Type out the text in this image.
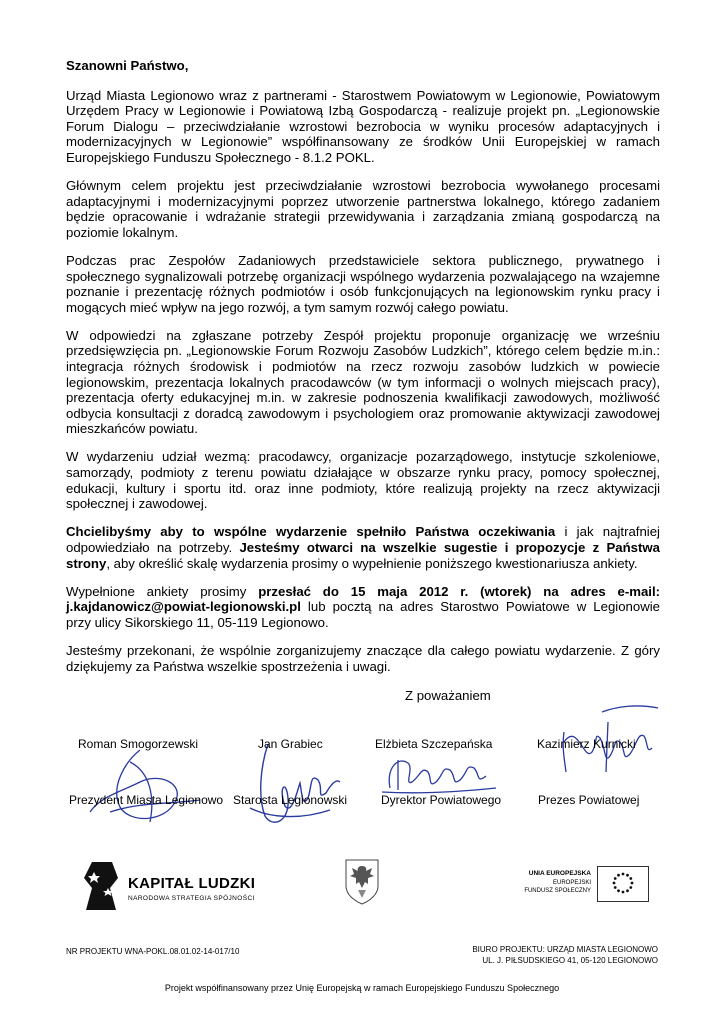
Szanowni Państwo,

Urząd Miasta Legionowo wraz z partnerami - Starostwem Powiatowym w Legionowie, Powiatowym Urzędem Pracy w Legionowie i Powiatową Izbą Gospodarczą - realizuje projekt pn. „Legionowskie Forum Dialogu – przeciwdziałanie wzrostowi bezrobocia w wyniku procesów adaptacyjnych i modernizacyjnych w Legionowie” współfinansowany ze środków Unii Europejskiej w ramach Europejskiego Funduszu Społecznego - 8.1.2 POKL.

Głównym celem projektu jest przeciwdziałanie wzrostowi bezrobocia wywołanego procesami adaptacyjnymi i modernizacyjnymi poprzez utworzenie partnerstwa lokalnego, którego zadaniem będzie opracowanie i wdrażanie strategii przewidywania i zarządzania zmianą gospodarczą na poziomie lokalnym.

Podczas prac Zespołów Zadaniowych przedstawiciele sektora publicznego, prywatnego i społecznego sygnalizowali potrzebę organizacji wspólnego wydarzenia pozwalającego na wzajemne poznanie i prezentację różnych podmiotów i osób funkcjonujących na legionowskim rynku pracy i mogących mieć wpływ na jego rozwój, a tym samym rozwój całego powiatu.

W odpowiedzi na zgłaszane potrzeby Zespół projektu proponuje organizację we wrześniu przedsięwzięcia pn. „Legionowskie Forum Rozwoju Zasobów Ludzkich”, którego celem będzie m.in.: integracja różnych środowisk i podmiotów na rzecz rozwoju zasobów ludzkich w powiecie legionowskim, prezentacja lokalnych pracodawców (w tym informacji o wolnych miejscach pracy), prezentacja oferty edukacyjnej m.in. w zakresie podnoszenia kwalifikacji zawodowych, możliwość odbycia konsultacji z doradcą zawodowym i psychologiem oraz promowanie aktywizacji zawodowej mieszkańców powiatu.

W wydarzeniu udział wezmą: pracodawcy, organizacje pozarządowego, instytucje szkoleniowe, samorządy, podmioty z terenu powiatu działające w obszarze rynku pracy, pomocy społecznej, edukacji, kultury i sportu itd. oraz inne podmioty, które realizują projekty na rzecz aktywizacji społecznej i zawodowej.

Chcielibyśmy aby to wspólne wydarzenie spełniło Państwa oczekiwania i jak najtrafniej odpowiedziało na potrzeby. Jesteśmy otwarci na wszelkie sugestie i propozycje z Państwa strony, aby określić skalę wydarzenia prosimy o wypełnienie poniższego kwestionariusza ankiety.

Wypełnione ankiety prosimy przesłać do 15 maja 2012 r. (wtorek) na adres e-mail: j.kajdanowicz@powiat-legionowski.pl lub pocztą na adres Starostwo Powiatowe w Legionowie przy ulicy Sikorskiego 11, 05-119 Legionowo.

Jesteśmy przekonani, że wspólnie zorganizujemy znaczące dla całego powiatu wydarzenie. Z góry dziękujemy za Państwa wszelkie spostrzeżenia i uwagi.

Z poważaniem
Roman Smogorzewski	Jan Grabiec	Elżbieta Szczepańska	Kazimierz Kurnicki
Prezydent Miasta Legionowo Starosta Legionowski	Dyrektor Powiatowego	Prezes Powiatowej
KAPITAŁ LUDZKI
NARODOWA STRATEGIA SPÓJNOŚCI
UNIA EUROPEJSKA
EUROPEJSKI
FUNDUSZ SPOŁECZNY
NR PROJEKTU WNA-POKL.08.01.02-14-017/10	BIURO PROJEKTU: URZĄD MIASTA LEGIONOWO
UL. J. PIŁSUDSKIEGO 41, 05-120 LEGIONOWO
Projekt współfinansowany przez Unię Europejską w ramach Europejskiego Funduszu Społecznego
